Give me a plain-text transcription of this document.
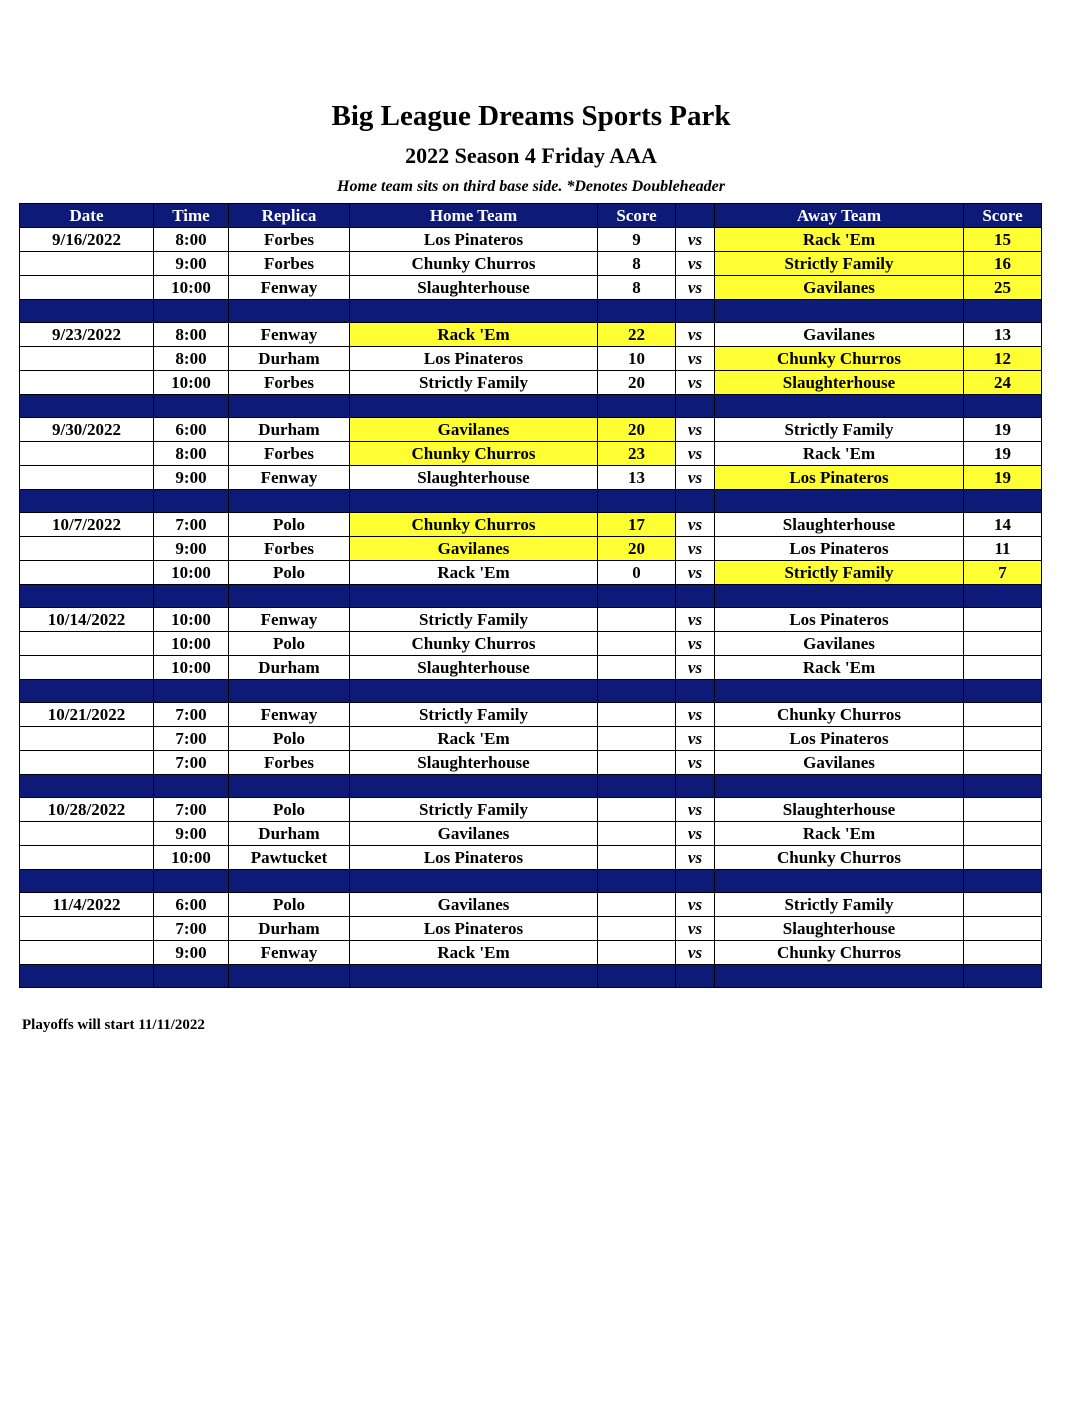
Big League Dreams Sports Park
2022 Season 4 Friday AAA
Home team sits on third base side. *Denotes Doubleheader
Date	Time	Replica	Home Team	Score		Away Team	Score
9/16/2022	8:00	Forbes	Los Pinateros	9	vs	Rack 'Em	15
	9:00	Forbes	Chunky Churros	8	vs	Strictly Family	16
	10:00	Fenway	Slaughterhouse	8	vs	Gavilanes	25

9/23/2022	8:00	Fenway	Rack 'Em	22	vs	Gavilanes	13
	8:00	Durham	Los Pinateros	10	vs	Chunky Churros	12
	10:00	Forbes	Strictly Family	20	vs	Slaughterhouse	24

9/30/2022	6:00	Durham	Gavilanes	20	vs	Strictly Family	19
	8:00	Forbes	Chunky Churros	23	vs	Rack 'Em	19
	9:00	Fenway	Slaughterhouse	13	vs	Los Pinateros	19

10/7/2022	7:00	Polo	Chunky Churros	17	vs	Slaughterhouse	14
	9:00	Forbes	Gavilanes	20	vs	Los Pinateros	11
	10:00	Polo	Rack 'Em	0	vs	Strictly Family	7

10/14/2022	10:00	Fenway	Strictly Family		vs	Los Pinateros	
	10:00	Polo	Chunky Churros		vs	Gavilanes	
	10:00	Durham	Slaughterhouse		vs	Rack 'Em	

10/21/2022	7:00	Fenway	Strictly Family		vs	Chunky Churros	
	7:00	Polo	Rack 'Em		vs	Los Pinateros	
	7:00	Forbes	Slaughterhouse		vs	Gavilanes	

10/28/2022	7:00	Polo	Strictly Family		vs	Slaughterhouse	
	9:00	Durham	Gavilanes		vs	Rack 'Em	
	10:00	Pawtucket	Los Pinateros		vs	Chunky Churros	

11/4/2022	6:00	Polo	Gavilanes		vs	Strictly Family	
	7:00	Durham	Los Pinateros		vs	Slaughterhouse	
	9:00	Fenway	Rack 'Em		vs	Chunky Churros	

Playoffs will start 11/11/2022
